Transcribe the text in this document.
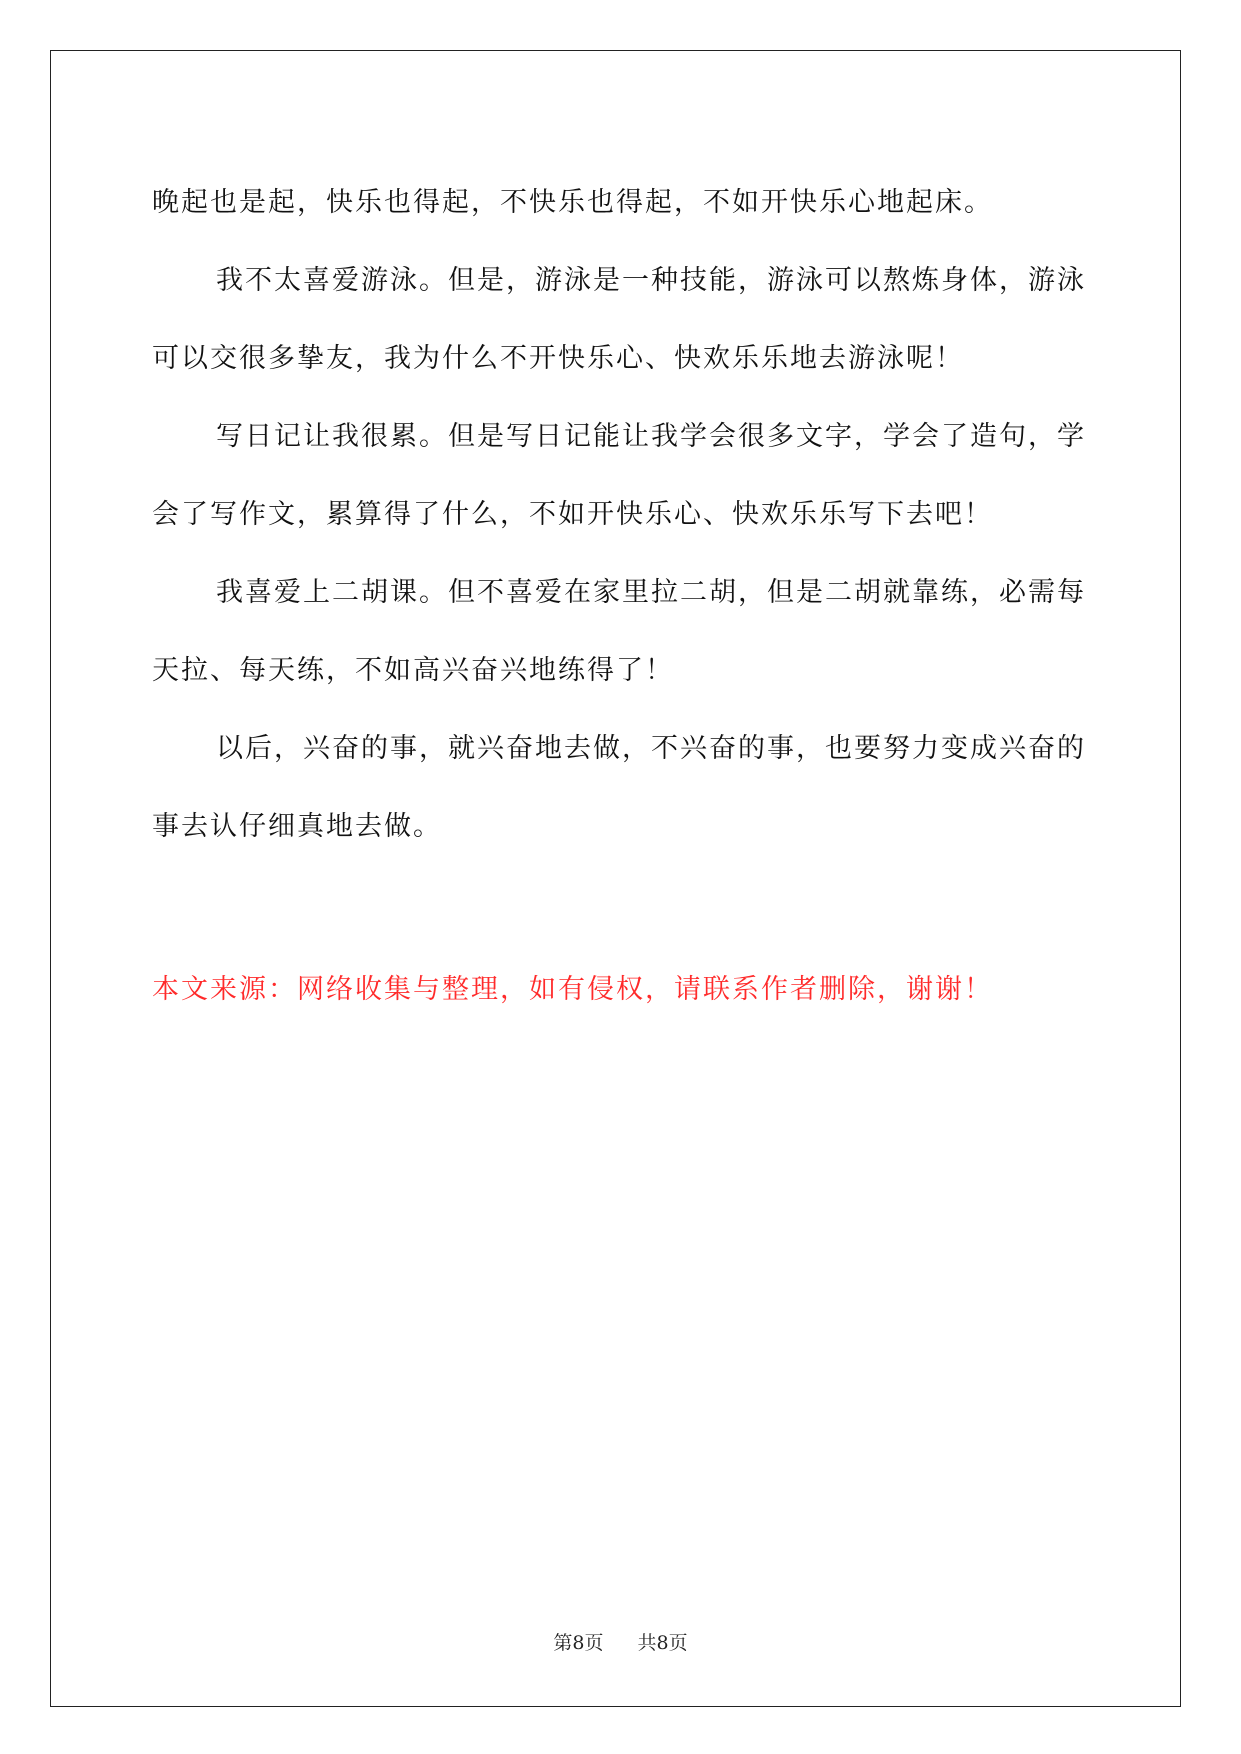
晚起也是起，快乐也得起，不快乐也得起，不如开快乐心地起床。

我不太喜爱游泳。但是，游泳是一种技能，游泳可以熬炼身体，游泳可以交很多挚友，我为什么不开快乐心、快欢乐乐地去游泳呢！

写日记让我很累。但是写日记能让我学会很多文字，学会了造句，学会了写作文，累算得了什么，不如开快乐心、快欢乐乐写下去吧！

我喜爱上二胡课。但不喜爱在家里拉二胡，但是二胡就靠练，必需每天拉、每天练，不如高兴奋兴地练得了！

以后，兴奋的事，就兴奋地去做，不兴奋的事，也要努力变成兴奋的事去认仔细真地去做。

本文来源：网络收集与整理，如有侵权，请联系作者删除，谢谢！

第8页 共8页
